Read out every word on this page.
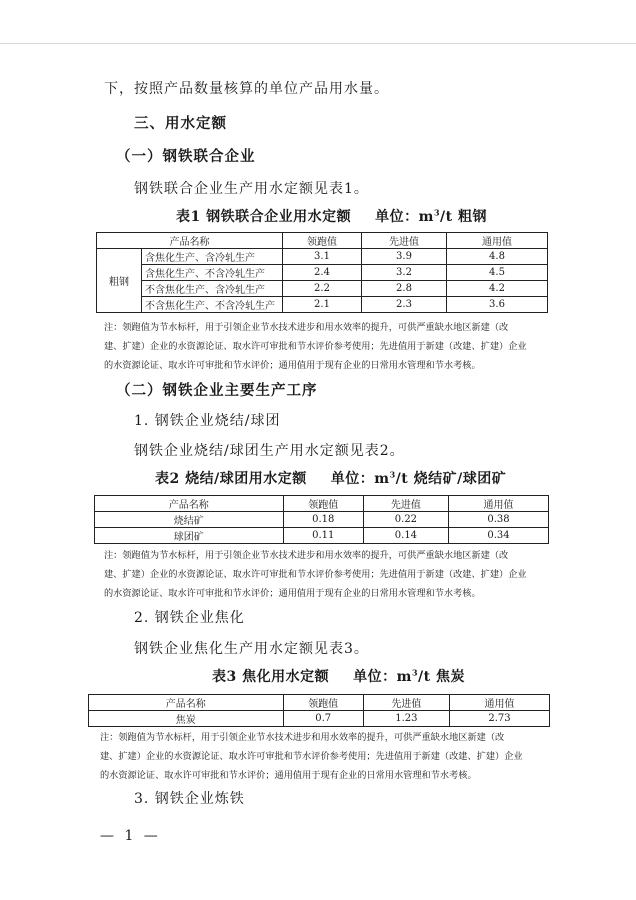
下，按照产品数量核算的单位产品用水量。
三、用水定额
（一）钢铁联合企业
钢铁联合企业生产用水定额见表1。
表1 钢铁联合企业用水定额 单位：$m^3/t$ 粗钢
产品名称		领跑值	先进值	通用值
粗钢	含焦化生产、含冷轧生产	3.1	3.9	4.8
	含焦化生产、不含冷轧生产	2.4	3.2	4.5
	不含焦化生产、含冷轧生产	2.2	2.8	4.2
	不含焦化生产、不含冷轧生产	2.1	2.3	3.6
注：领跑值为节水标杆，用于引领企业节水技术进步和用水效率的提升，可供严重缺水地区新建（改
建、扩建）企业的水资源论证、取水许可审批和节水评价参考使用；先进值用于新建（改建、扩建）企业
的水资源论证、取水许可审批和节水评价；通用值用于现有企业的日常用水管理和节水考核。
（二）钢铁企业主要生产工序
1. 钢铁企业烧结/球团
钢铁企业烧结/球团生产用水定额见表2。
表2 烧结/球团用水定额 单位：$m^3/t$ 烧结矿/球团矿
产品名称	领跑值	先进值	通用值
烧结矿	0.18	0.22	0.38
球团矿	0.11	0.14	0.34
注：领跑值为节水标杆，用于引领企业节水技术进步和用水效率的提升，可供严重缺水地区新建（改
建、扩建）企业的水资源论证、取水许可审批和节水评价参考使用；先进值用于新建（改建、扩建）企业
的水资源论证、取水许可审批和节水评价；通用值用于现有企业的日常用水管理和节水考核。
2. 钢铁企业焦化
钢铁企业焦化生产用水定额见表3。
表3 焦化用水定额 单位：$m^3/t$ 焦炭
产品名称	领跑值	先进值	通用值
焦炭	0.7	1.23	2.73
注：领跑值为节水标杆，用于引领企业节水技术进步和用水效率的提升，可供严重缺水地区新建（改
建、扩建）企业的水资源论证、取水许可审批和节水评价参考使用；先进值用于新建（改建、扩建）企业
的水资源论证、取水许可审批和节水评价；通用值用于现有企业的日常用水管理和节水考核。
3. 钢铁企业炼铁
— 1 —
